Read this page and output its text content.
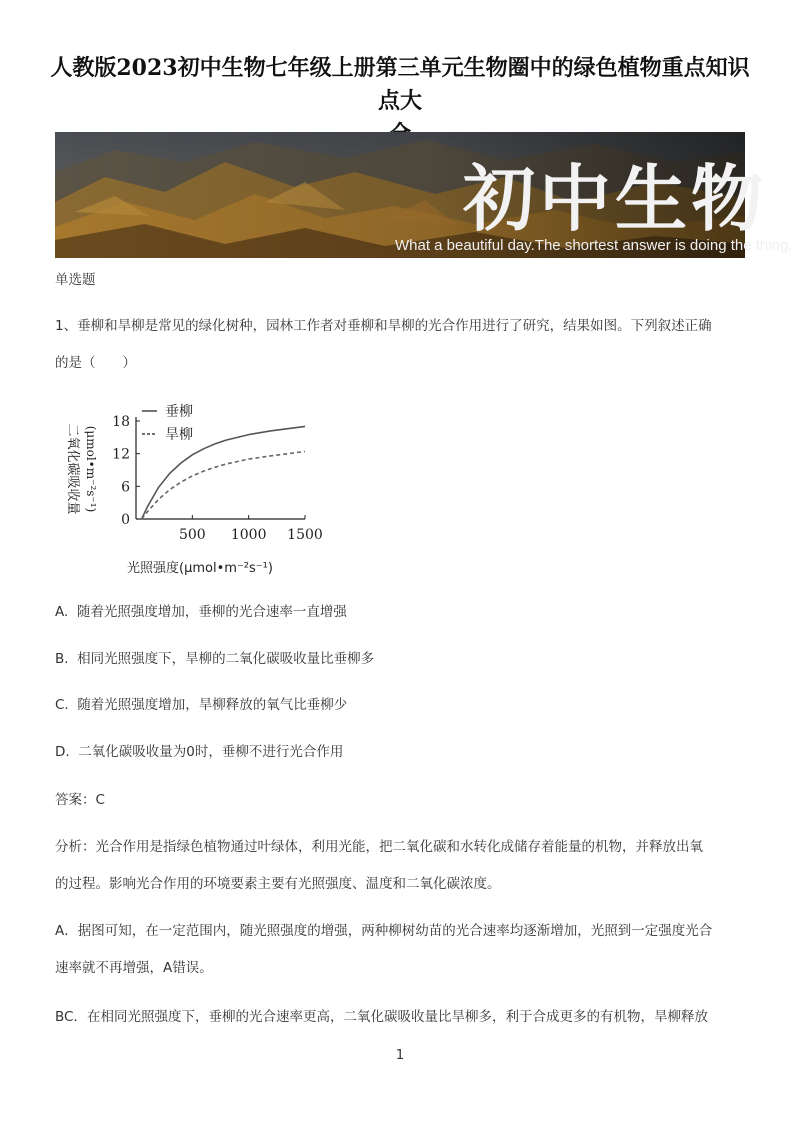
人教版2023初中生物七年级上册第三单元生物圈中的绿色植物重点知识点大
初中生物
What a beautiful day.The shortest answer is doing the thing.
单选题
1、垂柳和旱柳是常见的绿化树种，园林工作者对垂柳和旱柳的光合作用进行了研究，结果如图。下列叙述正确
的是（　　）
0
6
12
18
500 1000 1500
垂柳
旱柳
二氧化碳吸收量 (μmol•m⁻²s⁻¹)
光照强度(μmol•m⁻²s⁻¹)
A. 随着光照强度增加，垂柳的光合速率一直增强
B. 相同光照强度下，旱柳的二氧化碳吸收量比垂柳多
C. 随着光照强度增加，旱柳释放的氧气比垂柳少
D. 二氧化碳吸收量为0时，垂柳不进行光合作用
答案：C
分析：光合作用是指绿色植物通过叶绿体，利用光能，把二氧化碳和水转化成储存着能量的机物，并释放出氧
的过程。影响光合作用的环境要素主要有光照强度、温度和二氧化碳浓度。
A．据图可知，在一定范围内，随光照强度的增强，两种柳树幼苗的光合速率均逐渐增加，光照到一定强度光合
速率就不再增强，A错误。
BC．在相同光照强度下，垂柳的光合速率更高，二氧化碳吸收量比旱柳多，利于合成更多的有机物，旱柳释放
1
